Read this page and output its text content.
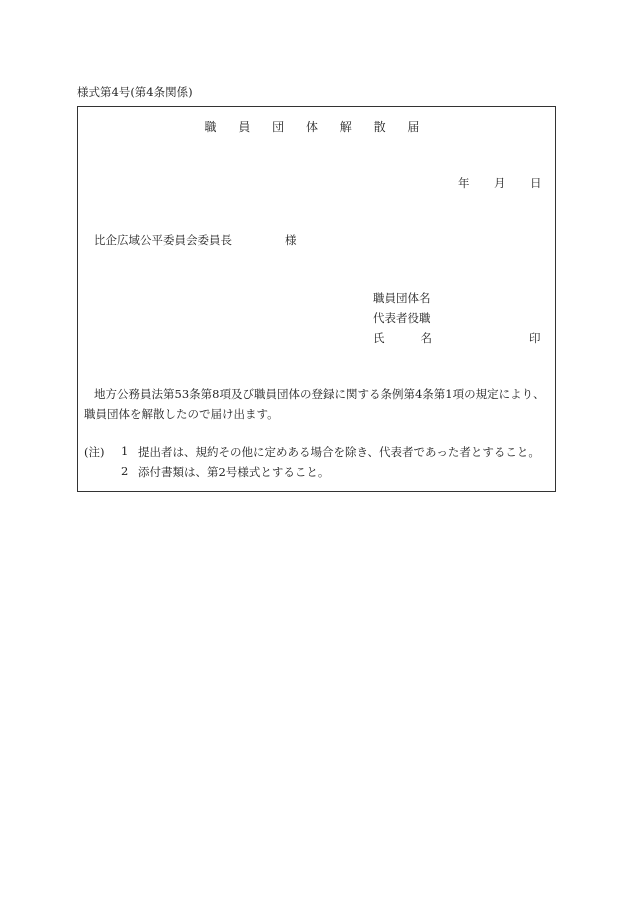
様式第4号(第4条関係)
職 員 団 体 解 散 届
年 月 日
比企広域公平委員会委員長	様
職員団体名
代表者役職
氏	名	印
地方公務員法第53条第8項及び職員団体の登録に関する条例第4条第1項の規定により、
職員団体を解散したので届け出ます。
(注) 1 提出者は、規約その他に定めある場合を除き、代表者であった者とすること。
2 添付書類は、第2号様式とすること。
